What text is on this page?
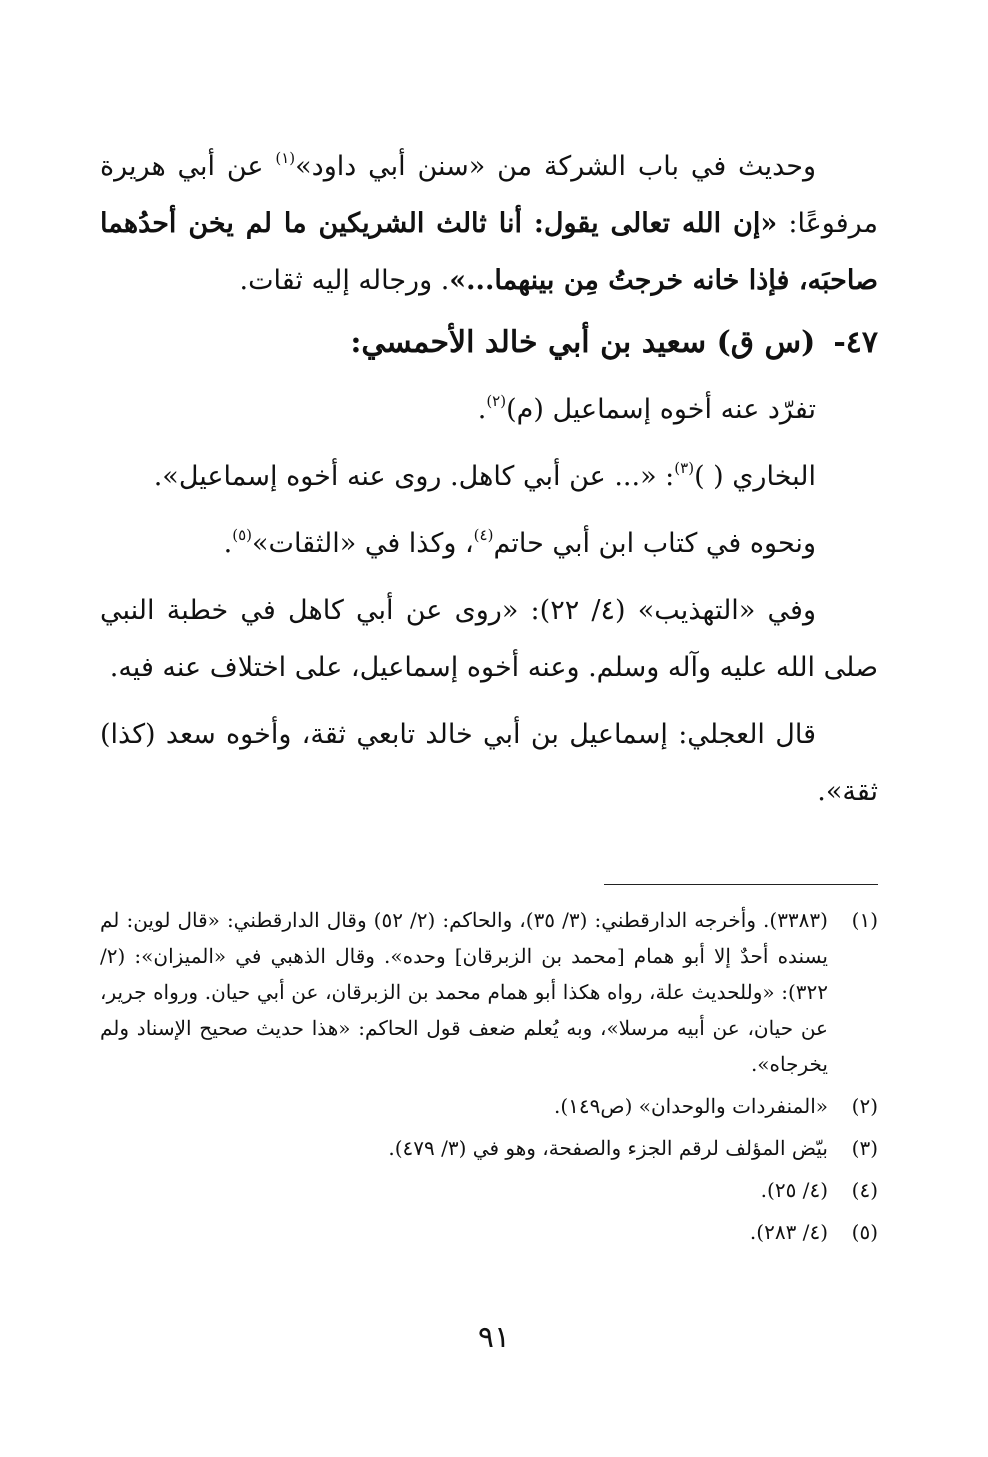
وحديث في باب الشركة من «سنن أبي داود»$^{(١)}$ عن أبي هريرة مرفوعًا: «إن الله تعالى يقول: أنا ثالث الشريكين ما لم يخن أحدُهما صاحبَه، فإذا خانه خرجتُ مِن بينهما...». ورجاله إليه ثقات.

٤٧-(س ق) سعيد بن أبي خالد الأحمسي:

تفرّد عنه أخوه إسماعيل (م)$^{(٢)}$.

البخاري ( )$^{(٣)}$: «... عن أبي كاهل. روى عنه أخوه إسماعيل».

ونحوه في كتاب ابن أبي حاتم$^{(٤)}$، وكذا في «الثقات»$^{(٥)}$.

وفي «التهذيب» (٤/ ٢٢): «روى عن أبي كاهل في خطبة النبي صلى الله عليه وآله وسلم. وعنه أخوه إسماعيل، على اختلاف عنه فيه.

قال العجلي: إسماعيل بن أبي خالد تابعي ثقة، وأخوه سعد (كذا) ثقة».

(١)
(٣٣٨٣). وأخرجه الدارقطني: (٣/ ٣٥)، والحاكم: (٢/ ٥٢) وقال الدارقطني: «قال لوين: لم يسنده أحدٌ إلا أبو همام [محمد بن الزبرقان] وحده». وقال الذهبي في «الميزان»: (٢/ ٣٢٢): «وللحديث علة، رواه هكذا أبو همام محمد بن الزبرقان، عن أبي حيان. ورواه جرير، عن حيان، عن أبيه مرسلا»، وبه يُعلم ضعف قول الحاكم: «هذا حديث صحيح الإسناد ولم يخرجاه».
(٢)
«المنفردات والوحدان» (ص١٤٩).
(٣)
بيّض المؤلف لرقم الجزء والصفحة، وهو في (٣/ ٤٧٩).
(٤)
(٤/ ٢٥).
(٥)
(٤/ ٢٨٣).
٩١
